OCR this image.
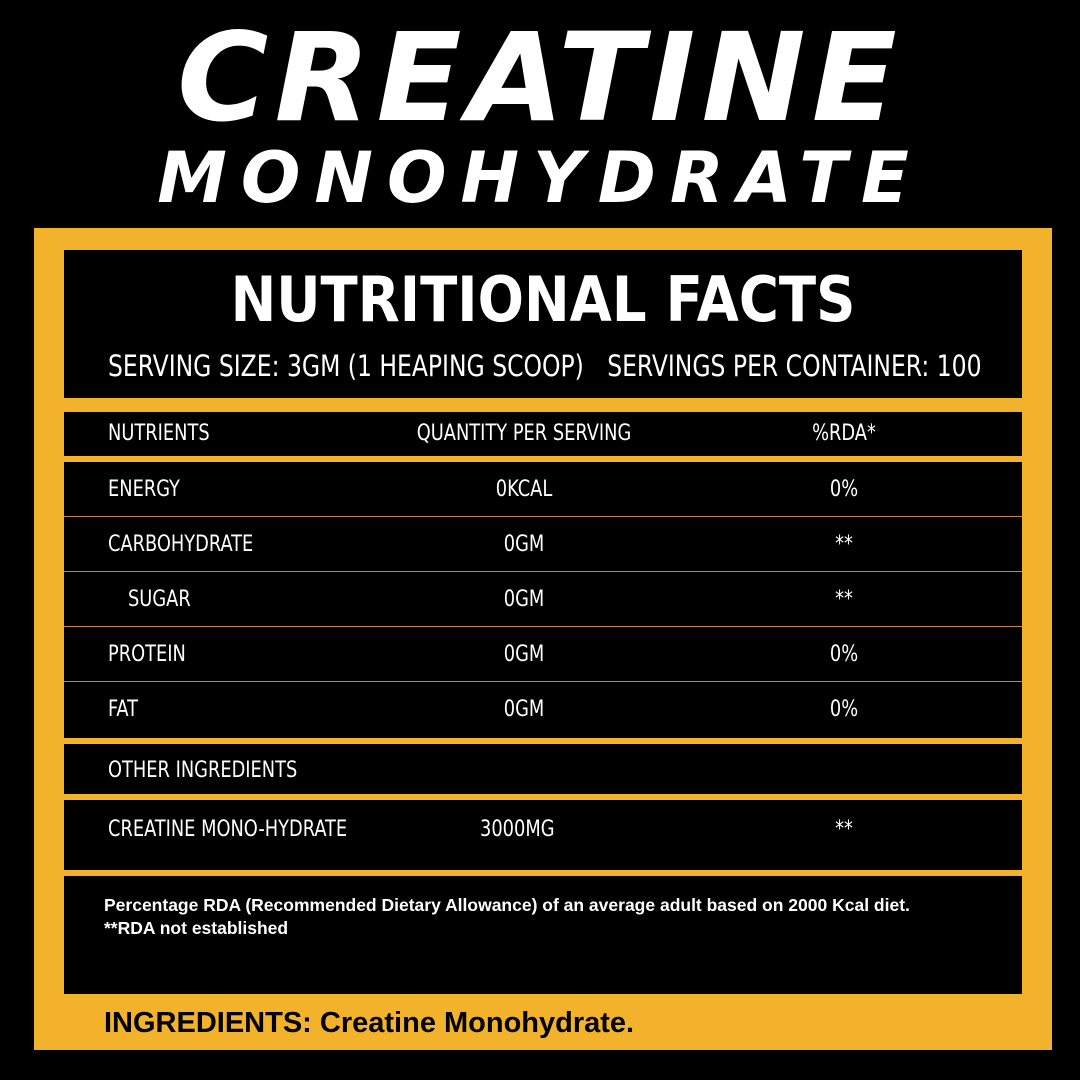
CREATINE
MONOHYDRATE
NUTRITIONAL FACTS
SERVING SIZE: 3GM (1 HEAPING SCOOP) SERVINGS PER CONTAINER: 100
NUTRIENTS	QUANTITY PER SERVING	%RDA*
ENERGY	0KCAL	0%
CARBOHYDRATE	0GM	**
SUGAR	0GM	**
PROTEIN	0GM	0%
FAT	0GM	0%
OTHER INGREDIENTS
CREATINE MONO-HYDRATE	3000MG	**
Percentage RDA (Recommended Dietary Allowance) of an average adult based on 2000 Kcal diet.
**RDA not established
INGREDIENTS: Creatine Monohydrate.
